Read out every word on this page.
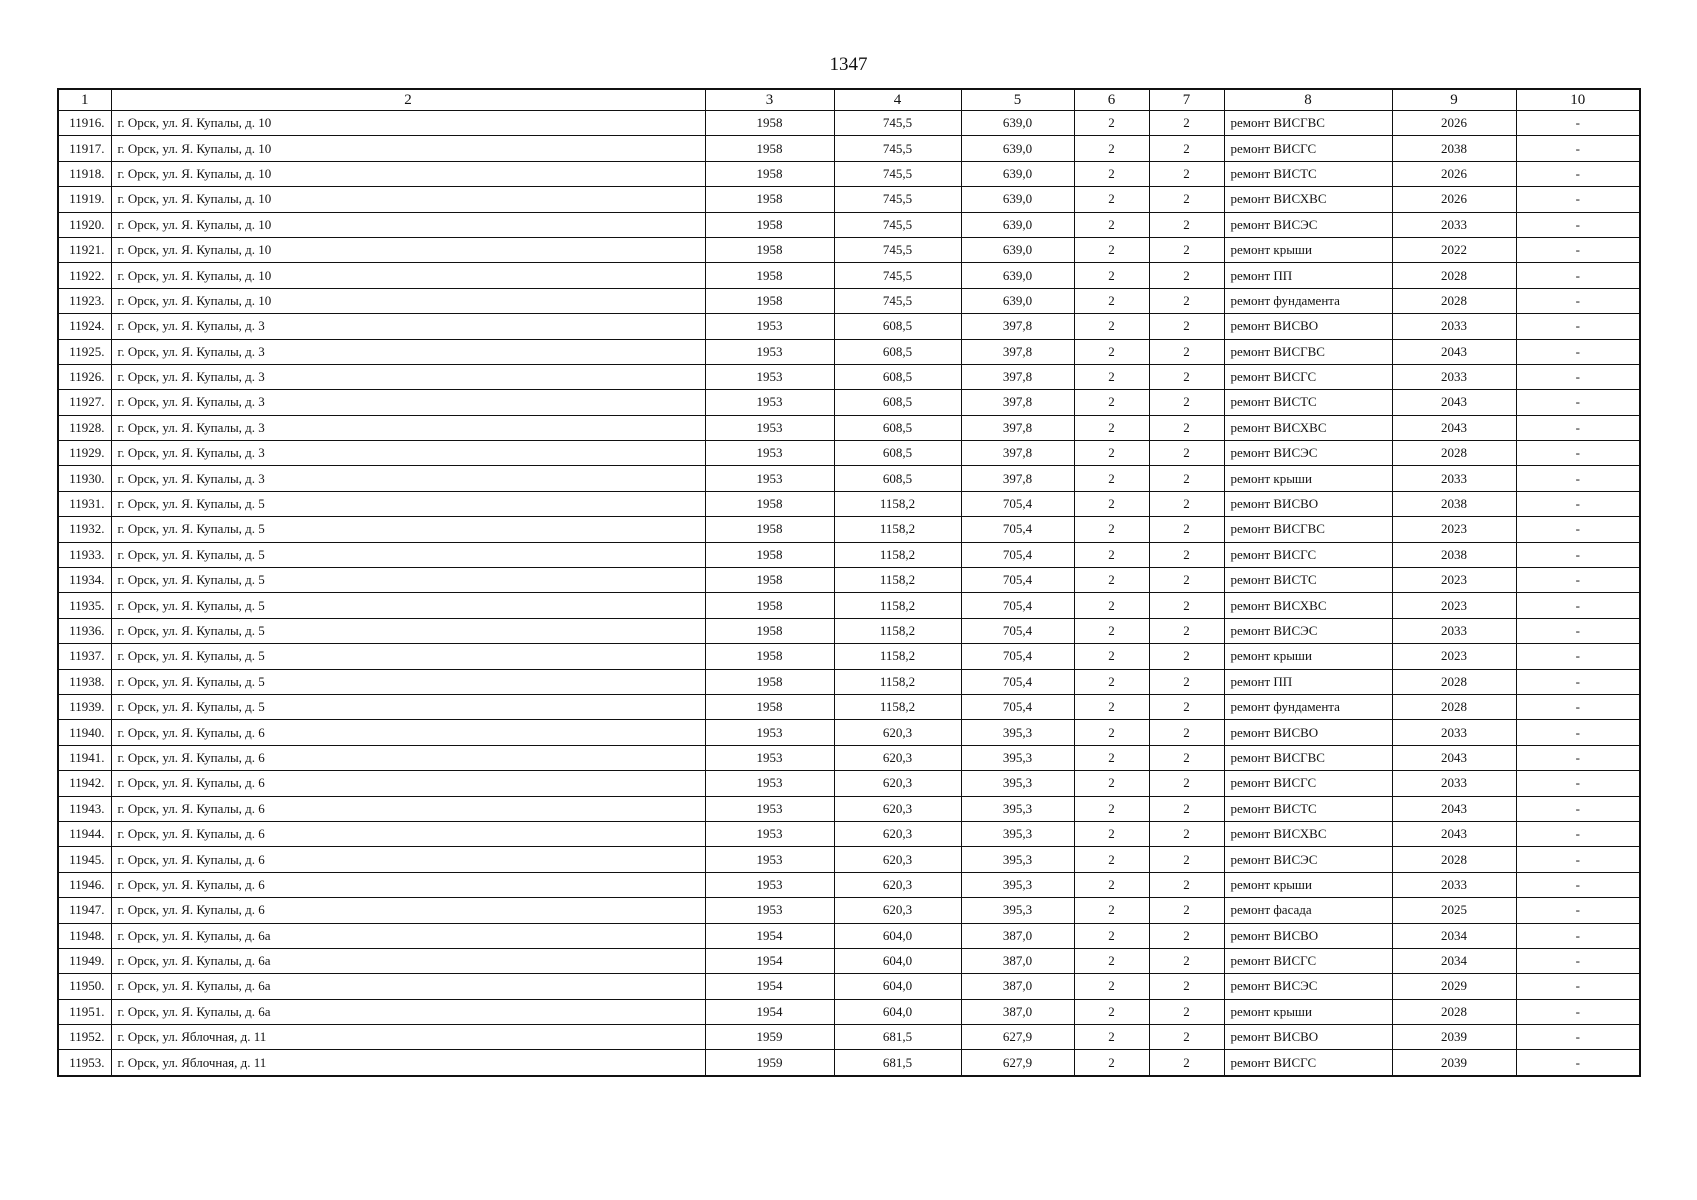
1347
1	2	3	4	5	6	7	8	9	10
11916.	г. Орск, ул. Я. Купалы, д. 10	1958	745,5	639,0	2	2	ремонт ВИСГВС	2026	-
11917.	г. Орск, ул. Я. Купалы, д. 10	1958	745,5	639,0	2	2	ремонт ВИСГС	2038	-
11918.	г. Орск, ул. Я. Купалы, д. 10	1958	745,5	639,0	2	2	ремонт ВИСТС	2026	-
11919.	г. Орск, ул. Я. Купалы, д. 10	1958	745,5	639,0	2	2	ремонт ВИСХВС	2026	-
11920.	г. Орск, ул. Я. Купалы, д. 10	1958	745,5	639,0	2	2	ремонт ВИСЭС	2033	-
11921.	г. Орск, ул. Я. Купалы, д. 10	1958	745,5	639,0	2	2	ремонт крыши	2022	-
11922.	г. Орск, ул. Я. Купалы, д. 10	1958	745,5	639,0	2	2	ремонт ПП	2028	-
11923.	г. Орск, ул. Я. Купалы, д. 10	1958	745,5	639,0	2	2	ремонт фундамента	2028	-
11924.	г. Орск, ул. Я. Купалы, д. 3	1953	608,5	397,8	2	2	ремонт ВИСВО	2033	-
11925.	г. Орск, ул. Я. Купалы, д. 3	1953	608,5	397,8	2	2	ремонт ВИСГВС	2043	-
11926.	г. Орск, ул. Я. Купалы, д. 3	1953	608,5	397,8	2	2	ремонт ВИСГС	2033	-
11927.	г. Орск, ул. Я. Купалы, д. 3	1953	608,5	397,8	2	2	ремонт ВИСТС	2043	-
11928.	г. Орск, ул. Я. Купалы, д. 3	1953	608,5	397,8	2	2	ремонт ВИСХВС	2043	-
11929.	г. Орск, ул. Я. Купалы, д. 3	1953	608,5	397,8	2	2	ремонт ВИСЭС	2028	-
11930.	г. Орск, ул. Я. Купалы, д. 3	1953	608,5	397,8	2	2	ремонт крыши	2033	-
11931.	г. Орск, ул. Я. Купалы, д. 5	1958	1158,2	705,4	2	2	ремонт ВИСВО	2038	-
11932.	г. Орск, ул. Я. Купалы, д. 5	1958	1158,2	705,4	2	2	ремонт ВИСГВС	2023	-
11933.	г. Орск, ул. Я. Купалы, д. 5	1958	1158,2	705,4	2	2	ремонт ВИСГС	2038	-
11934.	г. Орск, ул. Я. Купалы, д. 5	1958	1158,2	705,4	2	2	ремонт ВИСТС	2023	-
11935.	г. Орск, ул. Я. Купалы, д. 5	1958	1158,2	705,4	2	2	ремонт ВИСХВС	2023	-
11936.	г. Орск, ул. Я. Купалы, д. 5	1958	1158,2	705,4	2	2	ремонт ВИСЭС	2033	-
11937.	г. Орск, ул. Я. Купалы, д. 5	1958	1158,2	705,4	2	2	ремонт крыши	2023	-
11938.	г. Орск, ул. Я. Купалы, д. 5	1958	1158,2	705,4	2	2	ремонт ПП	2028	-
11939.	г. Орск, ул. Я. Купалы, д. 5	1958	1158,2	705,4	2	2	ремонт фундамента	2028	-
11940.	г. Орск, ул. Я. Купалы, д. 6	1953	620,3	395,3	2	2	ремонт ВИСВО	2033	-
11941.	г. Орск, ул. Я. Купалы, д. 6	1953	620,3	395,3	2	2	ремонт ВИСГВС	2043	-
11942.	г. Орск, ул. Я. Купалы, д. 6	1953	620,3	395,3	2	2	ремонт ВИСГС	2033	-
11943.	г. Орск, ул. Я. Купалы, д. 6	1953	620,3	395,3	2	2	ремонт ВИСТС	2043	-
11944.	г. Орск, ул. Я. Купалы, д. 6	1953	620,3	395,3	2	2	ремонт ВИСХВС	2043	-
11945.	г. Орск, ул. Я. Купалы, д. 6	1953	620,3	395,3	2	2	ремонт ВИСЭС	2028	-
11946.	г. Орск, ул. Я. Купалы, д. 6	1953	620,3	395,3	2	2	ремонт крыши	2033	-
11947.	г. Орск, ул. Я. Купалы, д. 6	1953	620,3	395,3	2	2	ремонт фасада	2025	-
11948.	г. Орск, ул. Я. Купалы, д. 6а	1954	604,0	387,0	2	2	ремонт ВИСВО	2034	-
11949.	г. Орск, ул. Я. Купалы, д. 6а	1954	604,0	387,0	2	2	ремонт ВИСГС	2034	-
11950.	г. Орск, ул. Я. Купалы, д. 6а	1954	604,0	387,0	2	2	ремонт ВИСЭС	2029	-
11951.	г. Орск, ул. Я. Купалы, д. 6а	1954	604,0	387,0	2	2	ремонт крыши	2028	-
11952.	г. Орск, ул. Яблочная, д. 11	1959	681,5	627,9	2	2	ремонт ВИСВО	2039	-
11953.	г. Орск, ул. Яблочная, д. 11	1959	681,5	627,9	2	2	ремонт ВИСГС	2039	-
